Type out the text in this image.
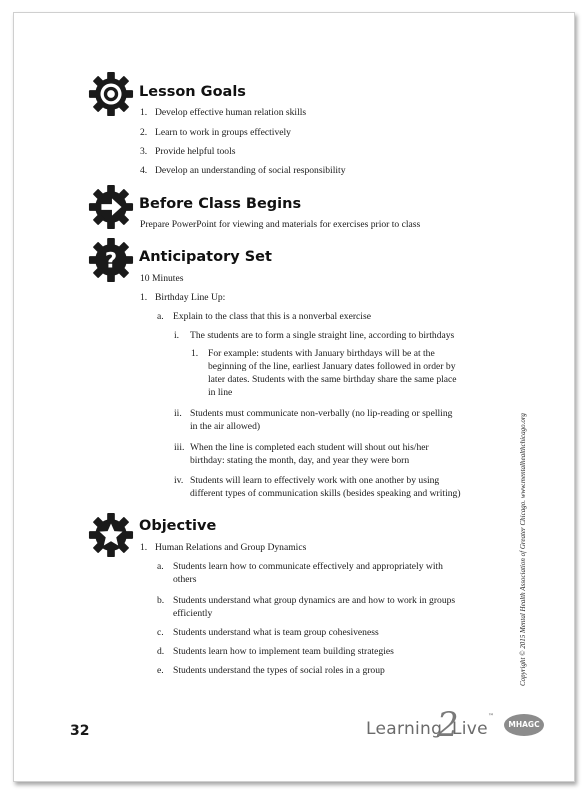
Lesson Goals
1. Develop effective human relation skills
2. Learn to work in groups effectively
3. Provide helpful tools
4. Develop an understanding of social responsibility
Before Class Begins
Prepare PowerPoint for viewing and materials for exercises prior to class
? Anticipatory Set
10 Minutes
1. Birthday Line Up:
a. Explain to the class that this is a nonverbal exercise
i. The students are to form a single straight line, according to birthdays
1. For example: students with January birthdays will be at the
beginning of the line, earliest January dates followed in order by
later dates. Students with the same birthday share the same place
in line
ii. Students must communicate non-verbally (no lip-reading or spelling
in the air allowed)
iii. When the line is completed each student will shout out his/her
birthday: stating the month, day, and year they were born
iv. Students will learn to effectively work with one another by using
different types of communication skills (besides speaking and writing)
Objective
1. Human Relations and Group Dynamics
a. Students learn how to communicate effectively and appropriately with
others
b. Students understand what group dynamics are and how to work in groups
efficiently
c. Students understand what is team group cohesiveness
d. Students learn how to implement team building strategies
e. Students understand the types of social roles in a group	Copyright © 2015 Mental Health Association of Greater Chicago. www.mentalhealthchicago.org
32	Learning
2
Live
™
MHAGC
